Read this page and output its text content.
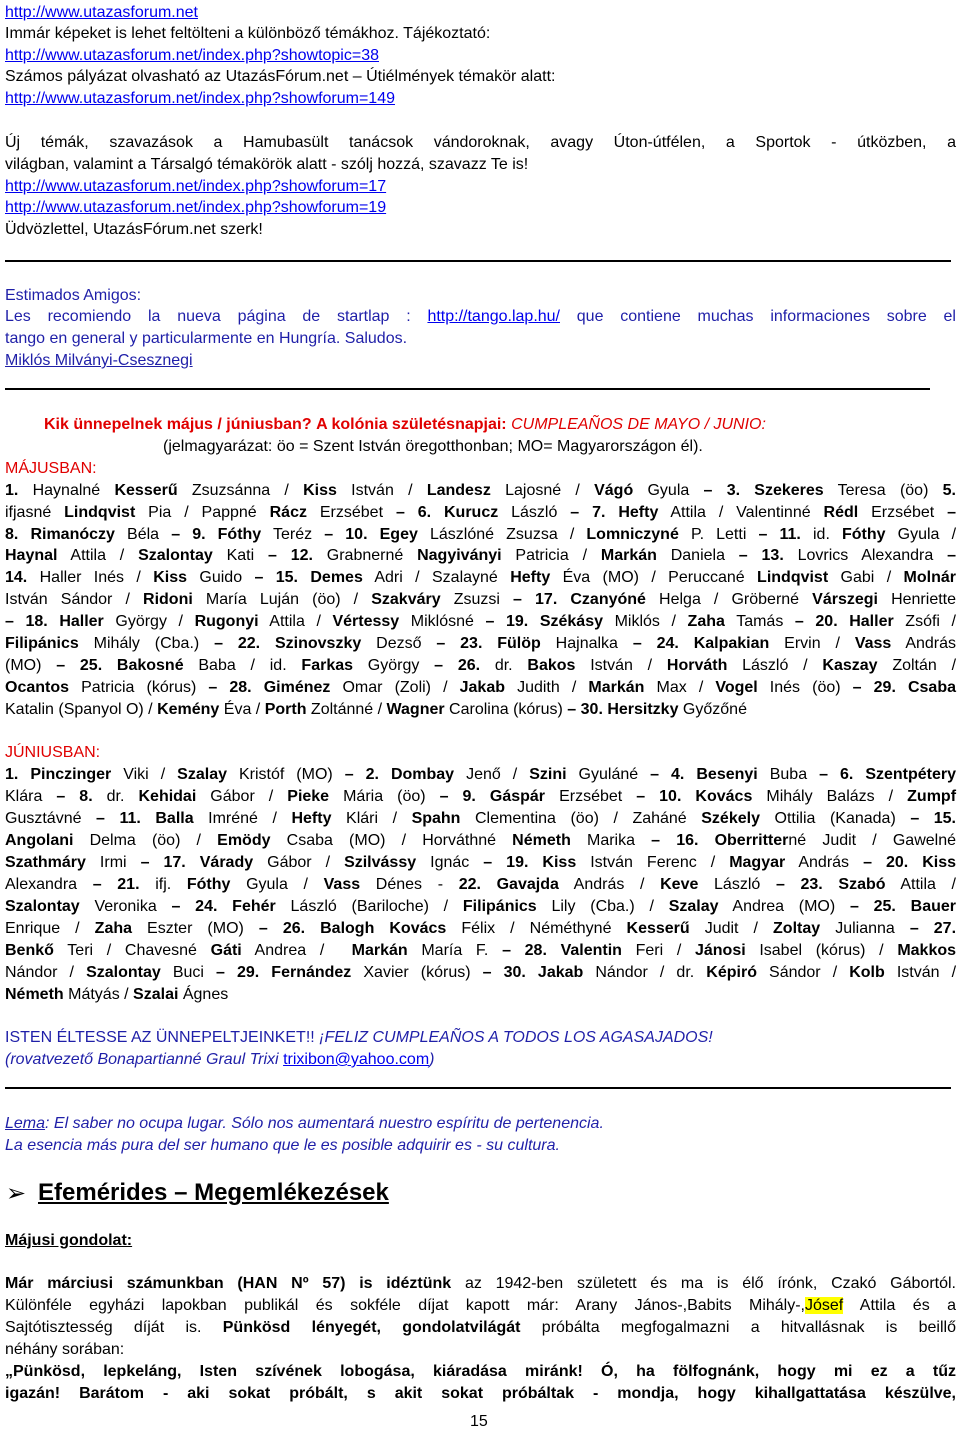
http://www.utazasforum.net
Immár képeket is lehet feltölteni a különböző témákhoz. Tájékoztató:
http://www.utazasforum.net/index.php?showtopic=38
Számos pályázat olvasható az UtazásFórum.net – Útiélmények témakör alatt:
http://www.utazasforum.net/index.php?showforum=149
Új témák, szavazások a Hamubasült tanácsok vándoroknak, avagy Úton-útfélen, a Sportok - útközben, a
világban, valamint a Társalgó témakörök alatt - szólj hozzá, szavazz Te is!
http://www.utazasforum.net/index.php?showforum=17
http://www.utazasforum.net/index.php?showforum=19
Üdvözlettel, UtazásFórum.net szerk!
Estimados Amigos:
Les recomiendo la nueva página de startlap : http://tango.lap.hu/ que contiene muchas informaciones sobre el
tango en general y particularmente en Hungría. Saludos.
Miklós Milványi-Csesznegi
Kik ünnepelnek május / júniusban? A kolónia születésnapjai: CUMPLEAÑOS DE MAYO / JUNIO:
(jelmagyarázat: öo = Szent István öregotthonban; MO= Magyarországon él).
MÁJUSBAN:
1. Haynalné Kesserű Zsuzsánna / Kiss István / Landesz Lajosné / Vágó Gyula – 3. Szekeres Teresa (öo) 5.
ifjasné Lindqvist Pia / Pappné Rácz Erzsébet – 6. Kurucz László – 7. Hefty Attila / Valentinné Rédl Erzsébet –
8. Rimanóczy Béla – 9. Fóthy Teréz – 10. Egey Lászlóné Zsuzsa / Lomniczyné P. Letti – 11. id. Fóthy Gyula /
Haynal Attila / Szalontay Kati – 12. Grabnerné Nagyiványi Patricia / Markán Daniela – 13. Lovrics Alexandra –
14. Haller Inés / Kiss Guido – 15. Demes Adri / Szalayné Hefty Éva (MO) / Peruccané Lindqvist Gabi / Molnár
István Sándor / Ridoni María Luján (öo) / Szakváry Zsuzsi – 17. Czanyóné Helga / Gröberné Várszegi Henriette
– 18. Haller György / Rugonyi Attila / Vértessy Miklósné – 19. Székásy Miklós / Zaha Tamás – 20. Haller Zsófi /
Filipánics Mihály (Cba.) – 22. Szinovszky Dezső – 23. Fülöp Hajnalka – 24. Kalpakian Ervin / Vass András
(MO) – 25. Bakosné Baba / id. Farkas György – 26. dr. Bakos István / Horváth László / Kaszay Zoltán /
Ocantos Patricia (kórus) – 28. Giménez Omar (Zoli) / Jakab Judith / Markán Max / Vogel Inés (öo) – 29. Csaba
Katalin (Spanyol O) / Kemény Éva / Porth Zoltánné / Wagner Carolina (kórus) – 30. Hersitzky Győzőné
JÚNIUSBAN:
1. Pinczinger Viki / Szalay Kristóf (MO) – 2. Dombay Jenő / Szini Gyuláné – 4. Besenyi Buba – 6. Szentpétery
Klára – 8. dr. Kehidai Gábor / Pieke Mária (öo) – 9. Gáspár Erzsébet – 10. Kovács Mihály Balázs / Zumpf
Gusztávné – 11. Balla Imréné / Hefty Klári / Spahn Clementina (öo) / Zaháné Székely Ottilia (Kanada) – 15.
Angolani Delma (öo) / Emödy Csaba (MO) / Horváthné Németh Marika – 16. Oberritterné Judit / Gawelné
Szathmáry Irmi – 17. Várady Gábor / Szilvássy Ignác – 19. Kiss István Ferenc / Magyar András – 20. Kiss
Alexandra – 21. ifj. Fóthy Gyula / Vass Dénes - 22. Gavajda András / Keve László – 23. Szabó Attila /
Szalontay Veronika – 24. Fehér László (Bariloche) / Filipánics Lily (Cba.) / Szalay Andrea (MO) – 25. Bauer
Enrique / Zaha Eszter (MO) – 26. Balogh Kovács Félix / Néméthyné Kesserű Judit / Zoltay Julianna – 27.
Benkő Teri / Chavesné Gáti Andrea /  Markán María F. – 28. Valentin Feri / Jánosi Isabel (kórus) / Makkos
Nándor / Szalontay Buci – 29. Fernández Xavier (kórus) – 30. Jakab Nándor / dr. Képiró Sándor / Kolb István /
Németh Mátyás / Szalai Ágnes
ISTEN ÉLTESSE AZ ÜNNEPELTJEINKET!! ¡FELIZ CUMPLEAÑOS A TODOS LOS AGASAJADOS!
(rovatvezető Bonapartianné Graul Trixi trixibon@yahoo.com)
Lema: El saber no ocupa lugar. Sólo nos aumentará nuestro espíritu de pertenencia.
La esencia más pura del ser humano que le es posible adquirir es - su cultura.
➢ Efemérides – Megemlékezések
Májusi gondolat:
Már márciusi számunkban (HAN Nº 57) is idéztünk az 1942-ben született és ma is élő írónk, Czakó Gábortól.
Különféle egyházi lapokban publikál és sokféle díjat kapott már: Arany János-,Babits Mihály-,Jósef Attila és a
Sajtótisztesség díját is. Pünkösd lényegét, gondolatvilágát próbálta megfogalmazni a hitvallásnak is beillő
néhány sorában:
„Pünkösd, lepkeláng, Isten szívének lobogása, kiáradása miránk! Ó, ha fölfognánk, hogy mi ez a tűz
igazán! Barátom - aki sokat próbált, s akit sokat próbáltak - mondja, hogy kihallgattatása készülve,
15
